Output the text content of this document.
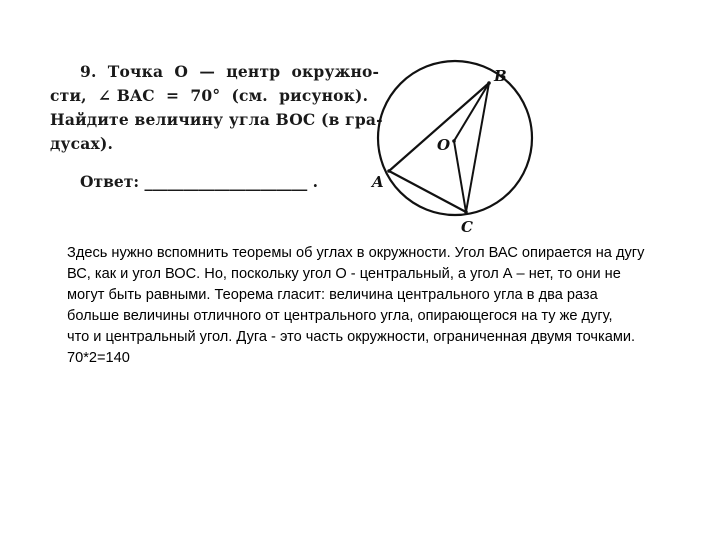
9.  Точка  O  —  центр  окружно-
сти,  ∠ BAC  =  70°  (см.  рисунок).
Найдите величину угла BOC (в гра-
дусах).
Ответ: _____________________ .
B
O
A
C
Здесь нужно вспомнить теоремы об углах в окружности. Угол ВАС опирается на дугу
ВС, как и угол ВОС. Но, поскольку угол О - центральный, а угол А – нет, то они не
могут быть равными. Теорема гласит: величина центрального угла в два раза
больше величины отличного от центрального угла, опирающегося на ту же дугу,
что и центральный угол. Дуга - это часть окружности, ограниченная двумя точками.
70*2=140
